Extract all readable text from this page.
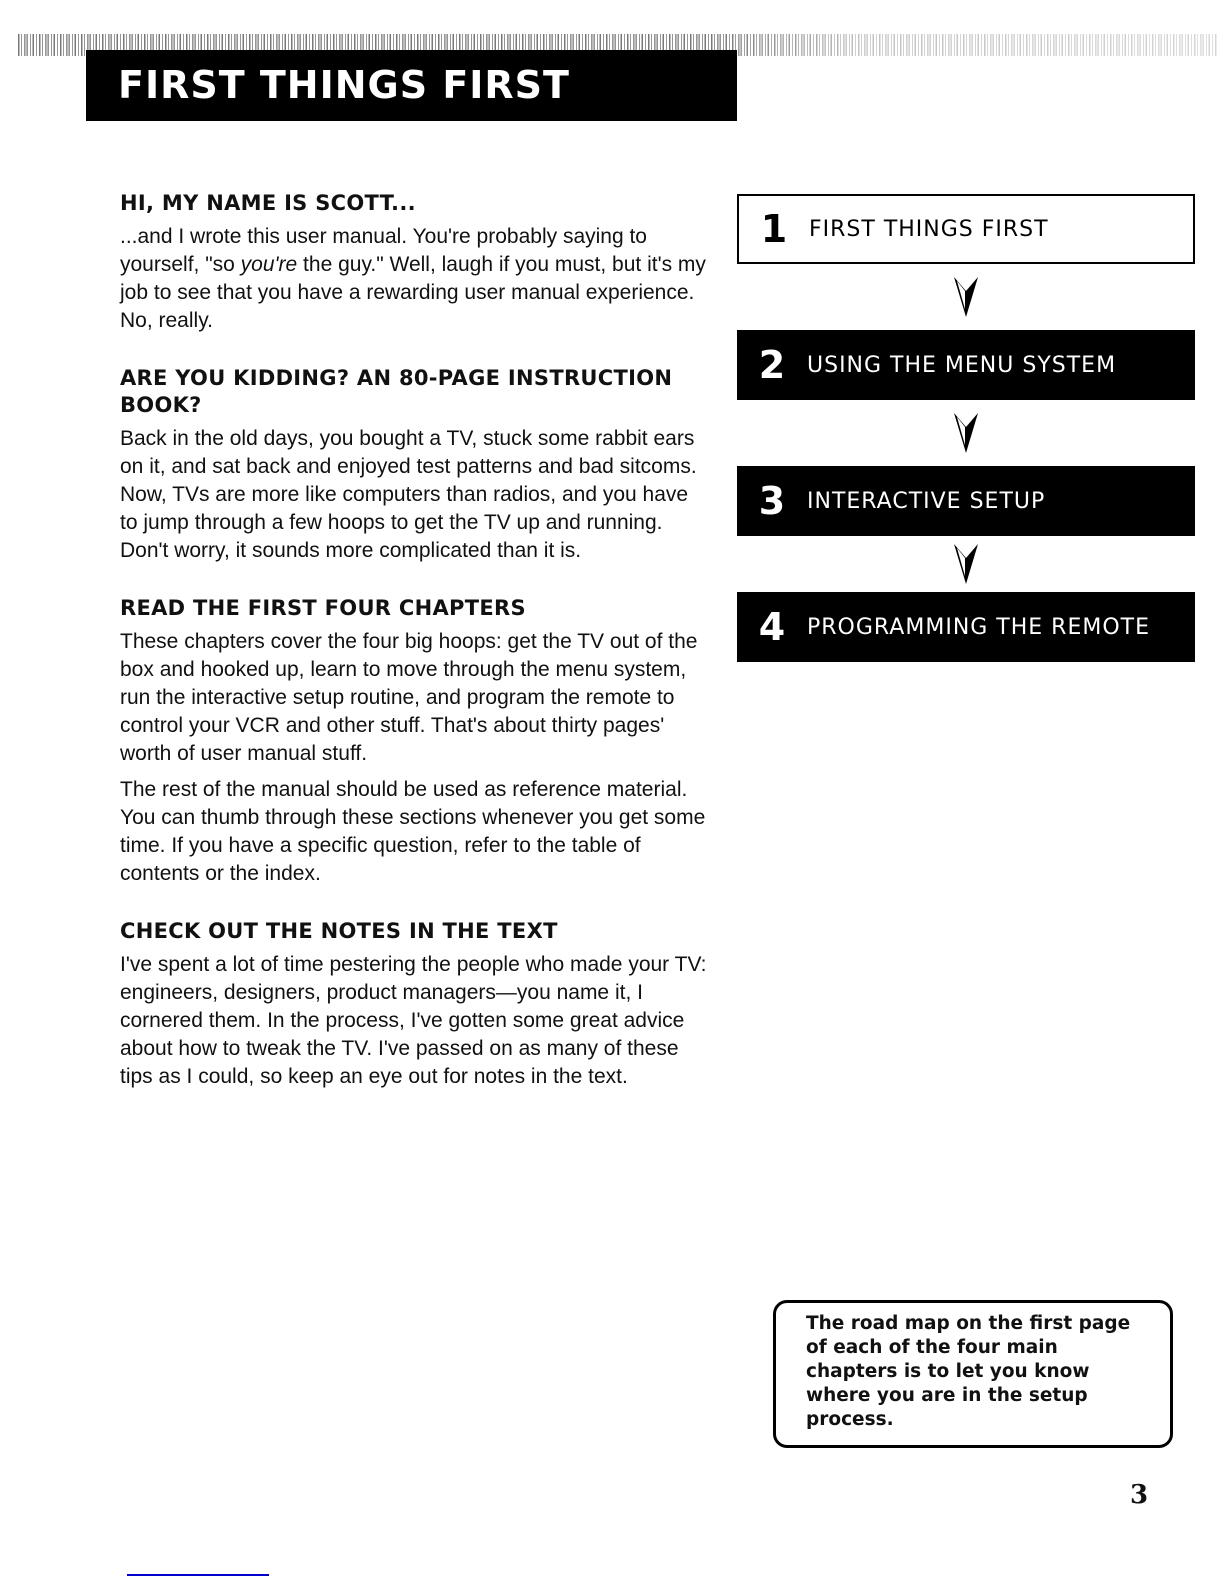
FIRST THINGS FIRST
HI, MY NAME IS SCOTT...

...and I wrote this user manual. You're probably saying to yourself, "so you're the guy." Well, laugh if you must, but it's my job to see that you have a rewarding user manual experience. No, really.

ARE YOU KIDDING? AN 80-PAGE INSTRUCTION BOOK?

Back in the old days, you bought a TV, stuck some rabbit ears on it, and sat back and enjoyed test patterns and bad sitcoms. Now, TVs are more like computers than radios, and you have to jump through a few hoops to get the TV up and running. Don't worry, it sounds more complicated than it is.

READ THE FIRST FOUR CHAPTERS

These chapters cover the four big hoops: get the TV out of the box and hooked up, learn to move through the menu system, run the interactive setup routine, and program the remote to control your VCR and other stuff. That's about thirty pages' worth of user manual stuff.

The rest of the manual should be used as reference material. You can thumb through these sections whenever you get some time. If you have a specific question, refer to the table of contents or the index.

CHECK OUT THE NOTES IN THE TEXT

I've spent a lot of time pestering the people who made your TV: engineers, designers, product managers—you name it, I cornered them. In the process, I've gotten some great advice about how to tweak the TV. I've passed on as many of these tips as I could, so keep an eye out for notes in the text.

1 FIRST THINGS FIRST
2 USING THE MENU SYSTEM
3 INTERACTIVE SETUP
4 PROGRAMMING THE REMOTE

The road map on the first page of each of the four main chapters is to let you know where you are in the setup process.

3
